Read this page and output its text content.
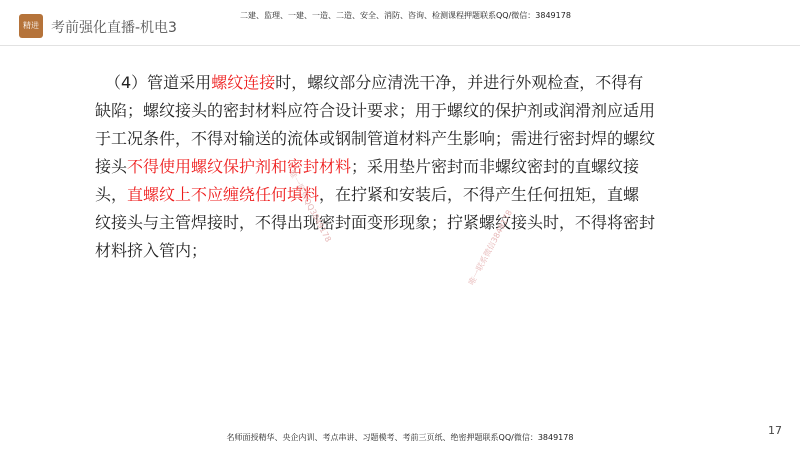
精进 考前强化直播-机电3
二建、监理、一建、一造、二造、安全、消防、咨询、检测课程押题联系QQ/微信：3849178

（4）管道采用螺纹连接时，螺纹部分应清洗干净，并进行外观检查，不得有缺陷；螺纹接头的密封材料应符合设计要求；用于螺纹的保护剂或润滑剂应适用于工况条件，不得对输送的流体或钢制管道材料产生影响；需进行密封焊的螺纹接头不得使用螺纹保护剂和密封材料；采用垫片密封而非螺纹密封的直螺纹接头，直螺纹上不应缠绕任何填料，在拧紧和安装后，不得产生任何扭矩，直螺纹接头与主管焊接时，不得出现密封面变形现象；拧紧螺纹接头时，不得将密封材料挤入管内；

唯一联系QQ3849178
唯一联系微信3849178
17
名师面授精华、央企内训、考点串讲、习题模考、考前三页纸、绝密押题联系QQ/微信：3849178
